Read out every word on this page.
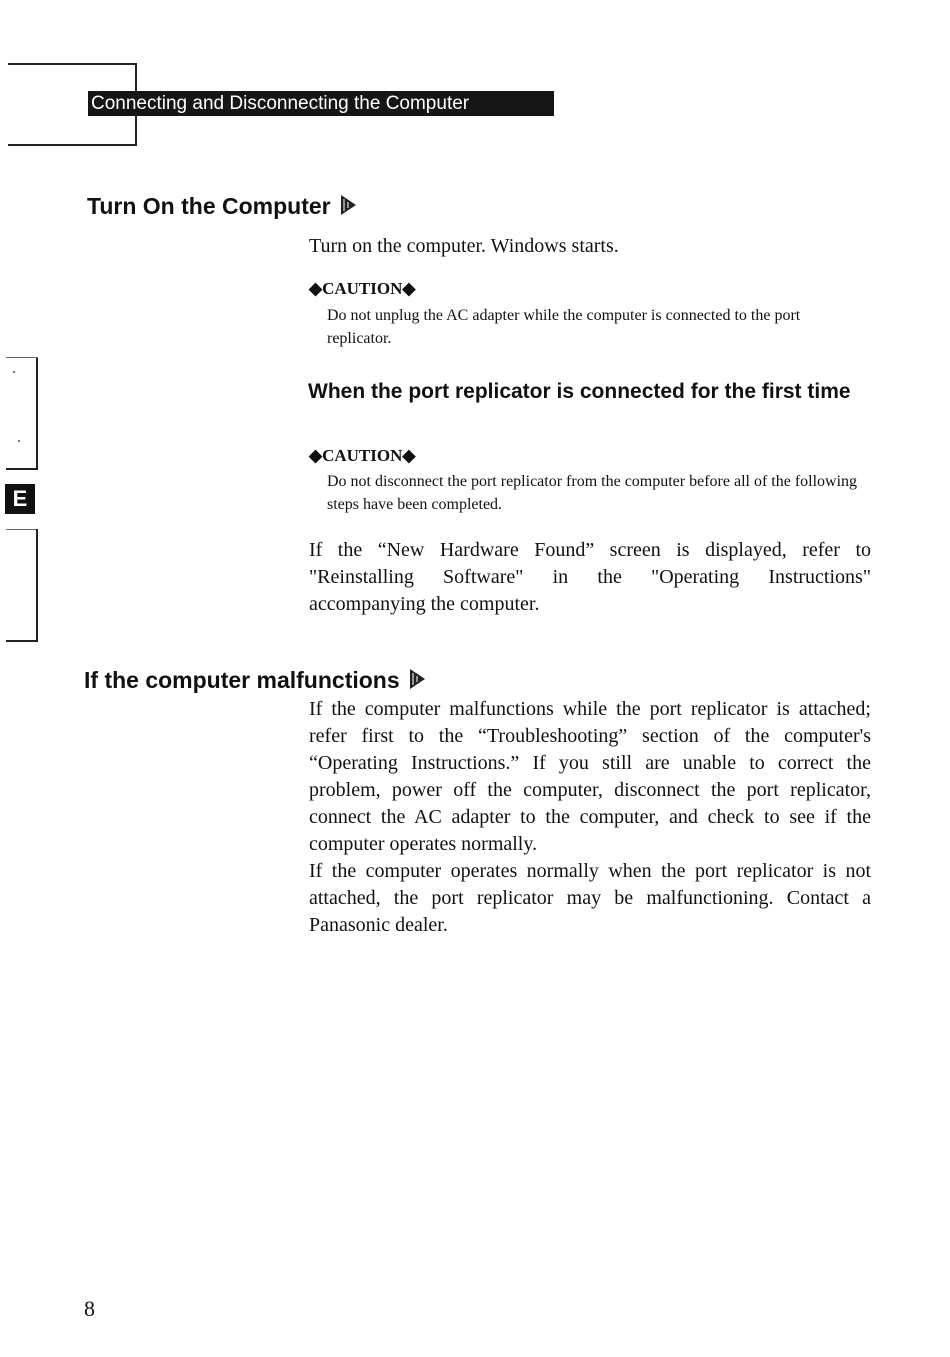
Connecting and Disconnecting the Computer
E
Turn On the Computer
Turn on the computer. Windows starts.
◆CAUTION◆
Do not unplug the AC adapter while the computer is connected to the port replicator.
When the port replicator is connected for the first time
◆CAUTION◆
Do not disconnect the port replicator from the computer before all of the following steps have been completed.
If the “New Hardware Found” screen is displayed, refer to "Reinstalling Software" in the "Operating Instructions" accompanying the computer.
If the computer malfunctions

If the computer malfunctions while the port replicator is attached; refer first to the “Troubleshooting” section of the computer's “Operating Instructions.” If you still are unable to correct the problem, power off the computer, disconnect the port replicator, connect the AC adapter to the computer, and check to see if the computer operates normally.

If the computer operates normally when the port replicator is not attached, the port replicator may be malfunctioning. Contact a Panasonic dealer.

8
